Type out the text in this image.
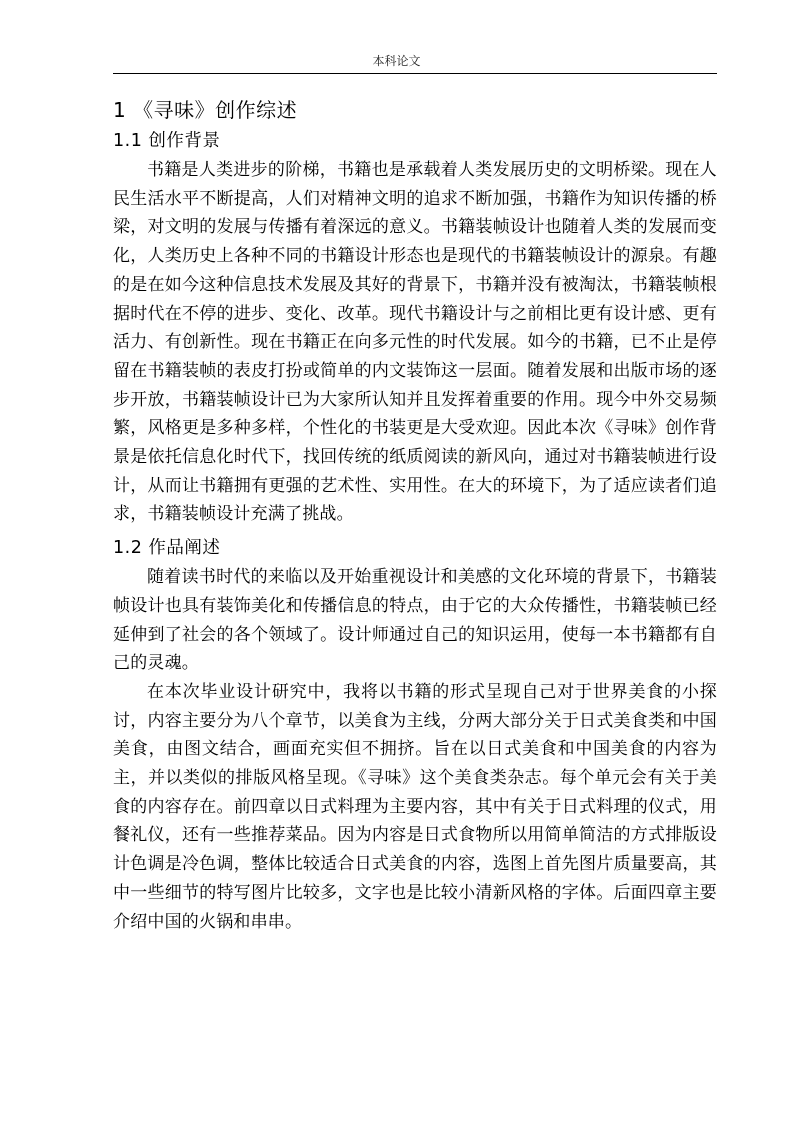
本科论文
1 《寻味》创作综述
1.1 创作背景

书籍是人类进步的阶梯，书籍也是承载着人类发展历史的文明桥梁。现在人民生活水平不断提高，人们对精神文明的追求不断加强，书籍作为知识传播的桥梁，对文明的发展与传播有着深远的意义。书籍装帧设计也随着人类的发展而变化，人类历史上各种不同的书籍设计形态也是现代的书籍装帧设计的源泉。有趣的是在如今这种信息技术发展及其好的背景下，书籍并没有被淘汰，书籍装帧根据时代在不停的进步、变化、改革。现代书籍设计与之前相比更有设计感、更有活力、有创新性。现在书籍正在向多元性的时代发展。如今的书籍，已不止是停留在书籍装帧的表皮打扮或简单的内文装饰这一层面。随着发展和出版市场的逐步开放，书籍装帧设计已为大家所认知并且发挥着重要的作用。现今中外交易频繁，风格更是多种多样，个性化的书装更是大受欢迎。因此本次《寻味》创作背景是依托信息化时代下，找回传统的纸质阅读的新风向，通过对书籍装帧进行设计，从而让书籍拥有更强的艺术性、实用性。在大的环境下，为了适应读者们追求，书籍装帧设计充满了挑战。

1.2 作品阐述

随着读书时代的来临以及开始重视设计和美感的文化环境的背景下，书籍装帧设计也具有装饰美化和传播信息的特点，由于它的大众传播性，书籍装帧已经延伸到了社会的各个领域了。设计师通过自己的知识运用，使每一本书籍都有自己的灵魂。

在本次毕业设计研究中，我将以书籍的形式呈现自己对于世界美食的小探讨，内容主要分为八个章节，以美食为主线，分两大部分关于日式美食类和中国美食，由图文结合，画面充实但不拥挤。旨在以日式美食和中国美食的内容为主，并以类似的排版风格呈现。《寻味》这个美食类杂志。每个单元会有关于美食的内容存在。前四章以日式料理为主要内容，其中有关于日式料理的仪式，用餐礼仪，还有一些推荐菜品。因为内容是日式食物所以用简单简洁的方式排版设计色调是冷色调，整体比较适合日式美食的内容，选图上首先图片质量要高，其中一些细节的特写图片比较多，文字也是比较小清新风格的字体。后面四章主要介绍中国的火锅和串串。
